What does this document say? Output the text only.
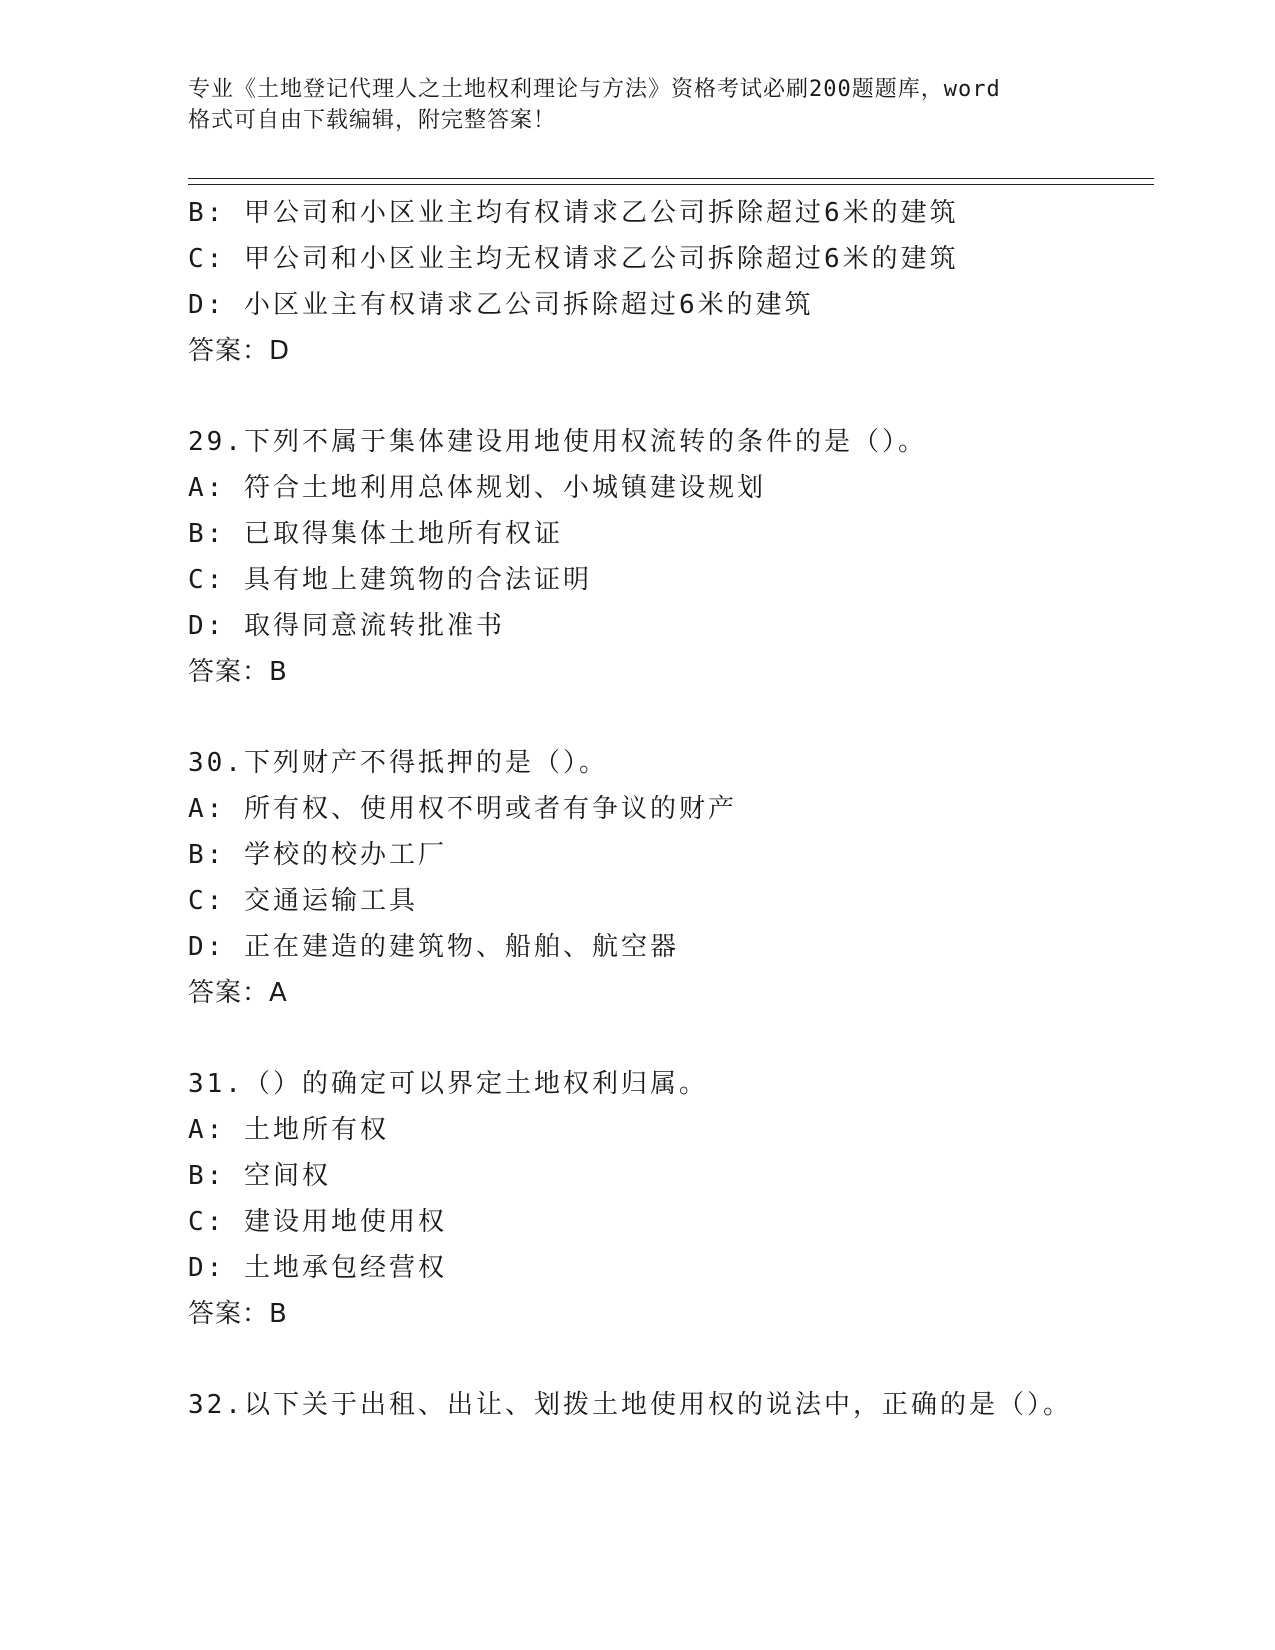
专业《土地登记代理人之土地权利理论与方法》资格考试必刷200题题库，word
格式可自由下载编辑，附完整答案！
B: 甲公司和小区业主均有权请求乙公司拆除超过6米的建筑
C: 甲公司和小区业主均无权请求乙公司拆除超过6米的建筑
D: 小区业主有权请求乙公司拆除超过6米的建筑
答案：D
29.下列不属于集体建设用地使用权流转的条件的是（）。
A: 符合土地利用总体规划、小城镇建设规划
B: 已取得集体土地所有权证
C: 具有地上建筑物的合法证明
D: 取得同意流转批准书
答案：B
30.下列财产不得抵押的是（）。
A: 所有权、使用权不明或者有争议的财产
B: 学校的校办工厂
C: 交通运输工具
D: 正在建造的建筑物、船舶、航空器
答案：A
31.（）的确定可以界定土地权利归属。
A: 土地所有权
B: 空间权
C: 建设用地使用权
D: 土地承包经营权
答案：B
32.以下关于出租、出让、划拨土地使用权的说法中，正确的是（）。
